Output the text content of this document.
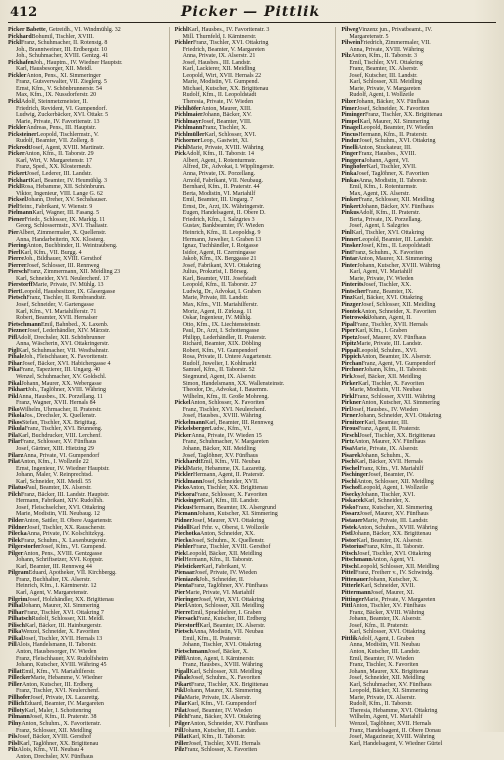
412	Picker — Pittlik
Picker Babette, Getreidh., VI. Windmühlg. 32
PickhardBohumil, Tischler, XVIII.
PicklFranz, Schuhmacher, II. Rotenstg. 8
Joh., Branntweiner, III. Erdbergstr. 10
Joh., Schuhmacher, XVIII. Gentzg. 41
PickhafenJoh., Hauptm., IV. Wiedner Hauptstr.
Karl, Hausbesorger, XII. Meidl.
PicklerAnton, Pens., XI. Simmeringer
Franz, Gutsverwalter, VII. Zieglerg. 5
Ernst, Kfm., V. Schönbrunnerstr. 54
Max, Kfm., IX. Nussdorferstr. 20
PicklAdolf, Steinmetzmeister, II.
Friedrich, Revident, VI. Gumpendorf.
Ludwig, Zuckerbäcker, XVI. Ottakr. 5
Marie, Private, IV. Favoritenstr. 13
PicklerAndreas, Pens., III. Hauptstr.
PicksteinerLeopold, Tischlermstr., V.
Rudolf, Beamter, VII. Zollerg. 8
PickrodtJosef, Agent, XVIII. Martinstr.
PickerAnton, Kfm., II. Taborstr. 29
Karl, Wirt, V. Margaretenstr. 17
Franz, Sped., XX. Klosterneub.
PickertJosef, Lederer, III. Landstr.
PickhartKarl, Beamter, IV. Heumühlg. 3
PicklRosa, Hebamme, XII. Schönbrunn.
Viktor, Ingenieur, VIII. Lange G. 62
PickselJohann, Dreher, XV. Sechshauser.
PielHeinr., Fabrikant, V. Wienstr. 9
PielmannKarl, Wagner, III. Fasang. 5
PienerFriedr., Schlosser, IX. Marktg. 11
Georg, Schlossermstr., XVI. Thaliastr.
PierAlbert, Zimmermaler, X. Quellenstr.
Anna, Handarbeiterin, XX. Klosterg.
PieringAnton, Buchbinder, II. Weintraubeng.
PierlKarl, Kfm., VII. Burgg. 4
PierreJoh., Bildhauer, XVIII. Gersthof
PierrerJosef, Schlosser, III. Rennweg
PierschFranz, Zimmermann, XII. Meidling 23
Karl, Schneider, XVI. Neulerchenf. 17
PierstorffMarie, Private, IV. Mühlg. 13
PiertLeopold, Hausbesitzer, IX. Glasergasse
PietschFranz, Tischler, II. Rembrandtstr.
Josef, Schneider, V. Gartengasse
Karl, Kfm., VI. Mariahilferstr. 71
Robert, Beamter, XVII. Hernalser
PietschmannEmil, Bahnbed., X. Laxenb.
PieznerJosef, Lederhändler, XIV. Märzstr.
PiflAdolf, Drechsler, XII. Schönbrunner
Anna, Wäscherin, XVI. Ottakringerstr.
PiglKarl, Schuhmacher, VII. Westbahnstr.
PihaleJoh., Fleischhauer, X. Favoritenstr.
PiharJosef, Bäcker, XVI. Habichergasse 4
PikaFranz, Tapezierer, III. Ungarg. 40
Wenzel, Schuhmacher, XV. Goldschl.
PikalJohann, Maurer, XX. Webergasse
PikhartJoh., Taglöhner, XVIII. Währing
PiklAnna, Hausbes., IX. Porzellang. 11
Franz, Wagner, XVII. Hernals 84
PikoWilhelm, Uhrmacher, II. Praterstr.
PikolaJos., Drechsler, X. Quellenstr.
PikosStefan, Tischler, XX. Brigittag.
PikulaFranz, Tischler, XVI. Brunneng.
PilaKarl, Buchdrucker, VIII. Lerchenf.
PilarFranz, Schlosser, XV. Fünfhaus
Josef, Gärtner, XIII. Hietzing 29
PilarzAnna, Private, VI. Gumpendorf
PilatAnton, Kfm., I. Wollzeile 22
Ernst, Ingenieur, IV. Wiedner Hauptstr.
Johann, Maler, V. Reinprechtsd.
Karl, Schneider, XII. Meidl. 55
PilatusPaul, Beamter, IX. Alserstr.
PilchFranz, Bäcker, III. Landstr. Hauptstr.
Hermann, Fabrikant, XIV. Rudolfsh.
Josef, Fleischselcher, XVI. Ottakring
Marie, Modistin, VII. Neubaug. 12
PilderAnton, Sattler, II. Obere Augartenstr.
PildnerJosef, Tischler, XX. Rauscherstr.
PileckaAnna, Private, IV. Kolschitzkyg.
PilekFranz, Schuhm., X. Laxenburgerstr.
PilgerstorferJosef, Kfm., VI. Gumpend.
PilgerAnton, Pens., XVIII. Gentzgasse
Johann, Schriftsetzer, XVI. Koppstr.
Karl, Beamter, III. Rennweg 44
PilgramEduard, Apotheker, VII. Kirchbergg.
Franz, Buchhalter, IX. Alserstr.
Heinrich, Kfm., I. Kärntnerstr. 12
Karl, Agent, V. Margaretenstr.
PilgrimJosef, Holzhändler, XX. Brigittenau
PilhalJohann, Maurer, XI. Simmering
PilharFranz, Tischler, XVI. Ottakring 7
PilhatschRudolf, Schlosser, XII. Meidl.
PilischKarl, Bäcker, III. Hainburgerstr.
PilkaWenzel, Schneider, X. Favoriten
PilkalJosef, Tischler, XVII. Hernals 13
PillAlois, Handelsmann, II. Taborstr.
Anton, Hausbesorger, IV. Wieden
Franz, Fleischhauer, XV. Rudolfsheim
Johann, Kutscher, XVIII. Währing 45
PillatEmil, Kfm., VI. Mariahilferstr.
PilleckerMarie, Hebamme, V. Wiedner
PillerAnton, Kutscher, III. Erdberg
Franz, Tischler, XVI. Neulerchenf.
PillhoferJosef, Private, IX. Lazarettg.
PillichEduard, Beamter, IV. Margareten
PillotyKarl, Maler, I. Schottenring
PilmannJosef, Kfm., II. Praterstr. 38
PilnyAnton, Schuhm., X. Favoritenstr.
Franz, Schlosser, XII. Meidling
PilsJosef, Bäcker, XVIII. Gersthof
PilslKarl, Taglöhner, XX. Brigittenau
PilzAlois, Kfm., VII. Neubau 4
Anton, Drechsler, XV. Fünfhaus
PichlKarl, Hausbes., IV. Favoritenstr. 3
Mill. Thurnfeld, I. Kärntnerstr.
PichlerFranz, Tischler, XVI. Ottakring
Friedrich, Beamter, V. Margareten
Anna, Private, IX. Alserstr. 21
Josef, Hausbes., III. Landstr.
Karl, Lackierer, XII. Meidling
Leopold, Wirt, XVII. Hernals 22
Marie, Modistin, VI. Gumpend.
Michael, Kutscher, XX. Brigittenau
Rudolf, Kfm., II. Leopoldstadt
Theresia, Private, IV. Wieden
PichlhöferAnton, Maurer, XIII.
PichlmaierJohann, Bäcker, XV.
PichlmayrJosef, Beamter, VIII.
PichlmannFranz, Tischler, X.
PichlmüllerKarl, Schlosser, XVI.
PichornerLeop., Gastwirt, XI.
PichlMarie, Private, XVIII. Währing
PickAdolf, Kfm., II. Taborstr. 14
Albert, Agent, I. Rotenturmstr.
Alfred, Dr., Advokat, I. Wipplingerstr.
Anna, Private, IX. Porzellang.
Arnold, Fabrikant, VII. Neubaug.
Bernhard, Kfm., II. Praterstr. 44
Berta, Modistin, VI. Mariahilf
Emil, Beamter, III. Ungarg. 7
Ernst, Dr., Arzt, IX. Währingerstr.
Eugen, Handelsagent, II. Obere D.
Friedrich, Kfm., I. Salzgries 3
Gustav, Bankbeamter, IV. Wieden
Heinrich, Kfm., II. Leopoldsg. 9
Hermann, Juwelier, I. Graben 13
Ignaz, Tuchhändler, I. Rotgasse
Isidor, Agent, II. Czerningasse
Jakob, Kfm., IX. Berggasse 21
Josef, Fabrikant, XVI. Ottakring
Julius, Prokurist, I. Börseg.
Karl, Beamter, VIII. Josefstadt
Leopold, Kfm., II. Taborstr. 27
Ludwig, Dr., Advokat, I. Graben
Marie, Private, III. Landstr.
Max, Kfm., VII. Mariahilferstr.
Moriz, Agent, II. Zirkusg. 11
Oskar, Ingenieur, IV. Mühlg.
Otto, Kfm., IX. Liechtensteinstr.
Paul, Dr., Arzt, I. Schottengasse
Philipp, Lederhändler, II. Praterstr.
Richard, Beamter, XIX. Döbling
Robert, Kfm., VI. Gumpendorf
Rosa, Private, II. Untere Augartenstr.
Rudolf, Juwelier, I. Kohlmarkt
Samuel, Kfm., II. Taborstr. 52
Siegmund, Agent, IX. Alserstr.
Simon, Handelsmann, XX. Wallensteinstr.
Theodor, Dr., Advokat, I. Bauernm.
Wilhelm, Kfm., II. Große Mohreng.
PickelAnton, Schlosser, X. Favoriten
Franz, Tischler, XVI. Neulerchenf.
Josef, Hausbes., XVIII. Währing
PickelmannKarl, Beamter, III. Rennweg
PickelsbergerLudw., Kfm., VI.
PickerAnna, Private, IV. Wieden 15
Franz, Schuhmacher, V. Margareten
Johann, Bäcker, XII. Meidling
Josef, Taglöhner, XV. Fünfhaus
PickhardtEmil, Kfm., VII. Neubau
PicklMarie, Hebamme, IX. Lazarettg.
PicklerHermann, Agent, II. Praterstr.
PicklmannJosef, Schneider, XVII.
PickoAnton, Tischler, XX. Brigittenau
PickoraFranz, Schlosser, X. Favoriten
PicksingerKarl, Kfm., III. Landstr.
PickusHermann, Beamter, IX. Alsergrund
PicmannJohann, Kutscher, XI. Simmering
PidnerJosef, Maurer, XVI. Ottakring
PidollKarl Frhr. v., Oberst, I. Wollzeile
PiechotkaAnton, Schneider, XX.
PieckoJosef, Schuhm., X. Quellenstr.
PiehlerFranz, Tischler, XVIII. Gersthof
PiekLeopold, Bäcker, XII. Meidling
PielHermann, Kfm., II. Taborstr.
PielstickerKarl, Fabrikant, V.
PienaarJosef, Private, IV. Wieden
PieniazekJoh., Schneider, II.
PientaFranz, Taglöhner, XV. Fünfhaus
PierMarie, Private, VI. Mariahilf
PieringerJosef, Wirt, XVI. Ottakring
PierlAnton, Schlosser, XII. Meidling
PierreEmil, Sprachlehrer, I. Graben
PiersackFranz, Kutscher, III. Erdberg
PierstorffKarl, Beamter, IX. Alserstr.
PietschAnna, Modistin, VII. Neubau
Emil, Kfm., II. Praterstr.
Johann, Tischler, XVI. Ottakring
PietschmannJosef, Bäcker, X.
PifflAnton, Agent, I. Kärntnerstr.
Franz, Hausbes., XVIII. Währing
PigallKarl, Schlosser, XII. Meidling
PihaleJosef, Schuhm., X. Favoriten
PikartFranz, Tischler, XX. Brigittenau
PiklJohann, Maurer, XI. Simmering
PilaMarie, Private, IX. Alserstr.
PilarKarl, Kfm., VI. Gumpendorf
PilatJosef, Beamter, IV. Wieden
PilchFranz, Bäcker, XVI. Ottakring
PilgerAnton, Schneider, XV. Fünfhaus
PillJohann, Kutscher, III. Landstr.
PillatKarl, Kfm., II. Taborstr.
PillerJosef, Tischler, XVII. Hernals
PilzFranz, Schlosser, X. Favoriten
PilwegVinzenz jun., Privatbeamt., IV.
Margaretenstr. 5
PilweinFriedrich, Zimmermaler, VII.
Anna, Private, XVIII. Währing
PilzAnton, Kfm., II. Taborstr. 3
Emil, Tischler, XVI. Ottakring
Franz, Beamter, IX. Alserstr.
Josef, Kutscher, III. Landstr.
Karl, Schlosser, XII. Meidling
Marie, Private, V. Margareten
Rudolf, Agent, I. Wollzeile
PilzerJohann, Bäcker, XV. Fünfhaus
PimerJosef, Schneider, X. Favoriten
PimingerFranz, Tischler, XX. Brigittenau
PimpelKarl, Maurer, XI. Simmering
PinagelLeopold, Beamter, IV. Wieden
PincusHermann, Kfm., II. Praterstr.
PindurJosef, Schuhm., XVI. Ottakring
PinelliAnton, Stuckateur, III.
PingerFranz, Hausbes., XVIII.
PinggeraJohann, Agent, VI.
PinghoferKarl, Tischler, XVII.
PinkaJosef, Taglöhner, X. Favoriten
PinkasAnna, Modistin, II. Taborstr.
Emil, Kfm., I. Rotenturmstr.
Max, Agent, IX. Alserstr.
PinkerFranz, Schlosser, XII. Meidling
PinkertJohann, Bäcker, XV. Fünfhaus
PinkusAdolf, Kfm., II. Praterstr.
Berta, Private, IX. Porzellang.
Josef, Agent, I. Salzgries
PinlKarl, Tischler, XVI. Ottakring
PinnerLeopold, Beamter, III. Landstr.
PinskerJosef, Kfm., II. Leopoldstadt
PintFranz, Schuhm., X. Favoriten
PintarAnton, Maurer, XI. Simmering
PinterJohann, Kutscher, XVIII. Währing
Karl, Agent, VI. Mariahilf
Marie, Private, IV. Wieden
PinteritsJosef, Tischler, XX.
PintscherFranz, Beamter, IX.
PinzKarl, Bäcker, XVI. Ottakring
PinzgerJosef, Schlosser, XII. Meidling
PiontekAnton, Schneider, X. Favoriten
PiotrowskiJohann, Agent, II.
PipalFranz, Tischler, XVII. Hernals
PiperKarl, Kfm., I. Graben
PipetzJosef, Maurer, XV. Fünfhaus
PipitzMarie, Private, III. Landstr.
PippalLeopold, Schuhm., XVI.
PippichAnton, Beamter, IX. Alserstr.
PirchanFranz, Agent, VI. Gumpendorf
PirchnerJohann, Kfm., II. Taborstr.
PirkJosef, Bäcker, XII. Meidling
PirkerKarl, Tischler, X. Favoriten
Marie, Modistin, VII. Neubau
PirklFranz, Schlosser, XVIII. Währing
PirknerAnton, Kutscher, XI. Simmering
PirlJosef, Hausbes., IV. Wieden
PirnerJohann, Schneider, XVI. Ottakring
PirnitzerKarl, Beamter, III.
PirousFranz, Agent, II. Praterstr.
PirschlJosef, Tischler, XX. Brigittenau
PirtzAnton, Maurer, XV. Fünfhaus
PisaMarie, Private, IX. Alserstr.
PisarekJohann, Schuhm., X.
PischKarl, Bäcker, XVII. Hernals
PischelFranz, Kfm., VI. Mariahilf
PischingerJosef, Beamter, IV.
PischlAnton, Schlosser, XII. Meidling
PischofLeopold, Agent, I. Wollzeile
PiseckyJohann, Tischler, XVI.
PiskacekKarl, Schneider, X.
PiskoFranz, Kutscher, XI. Simmering
PissarzJosef, Maurer, XV. Fünfhaus
PistauerMarie, Private, III. Landstr.
PistekAnton, Schuhm., XVIII. Währing
PistlJohann, Bäcker, XX. Brigittenau
PistorKarl, Beamter, IX. Alserstr.
PistoriusFranz, Kfm., II. Taborstr.
PitschJosef, Tischler, XVI. Ottakring
PitschmannAnton, Agent, VI.
PitschLeopold, Schlosser, XII. Meidling
PittelFranz, Freiherr v., IV. Schwindg.
PittenauerJohann, Kutscher, X.
PitterleKarl, Schneider, XVII.
PittermannJosef, Maurer, XI.
PittingerMarie, Private, V. Margareten
PittlAnton, Tischler, XV. Fünfhaus
Franz, Bäcker, XVIII. Währing
Johann, Beamter, IX. Alserstr.
Josef, Kfm., II. Praterstr.
Karl, Schlosser, XVI. Ottakring
PittlikAdolf, Agent, I. Graben
Anna, Modistin, VII. Neubau
Anton, Kutscher, III. Landstr.
Emil, Beamter, IV. Wieden
Franz, Tischler, X. Favoriten
Johann, Maurer, XX. Brigittenau
Josef, Schneider, XII. Meidling
Karl, Schuhmacher, XV. Fünfhaus
Leopold, Bäcker, XI. Simmering
Marie, Private, IX. Alserstr.
Rudolf, Kfm., II. Taborstr.
Theresia, Hebamme, XVI. Ottakring
Wilhelm, Agent, VI. Mariahilf
Wenzel, Taglöhner, XVII. Hernals
Franz, Handelsagent, II. Obere Donau
Josef, Magazineur, XVIII. Währing
Karl, Handelsagent, V. Wiedner Gürtel
